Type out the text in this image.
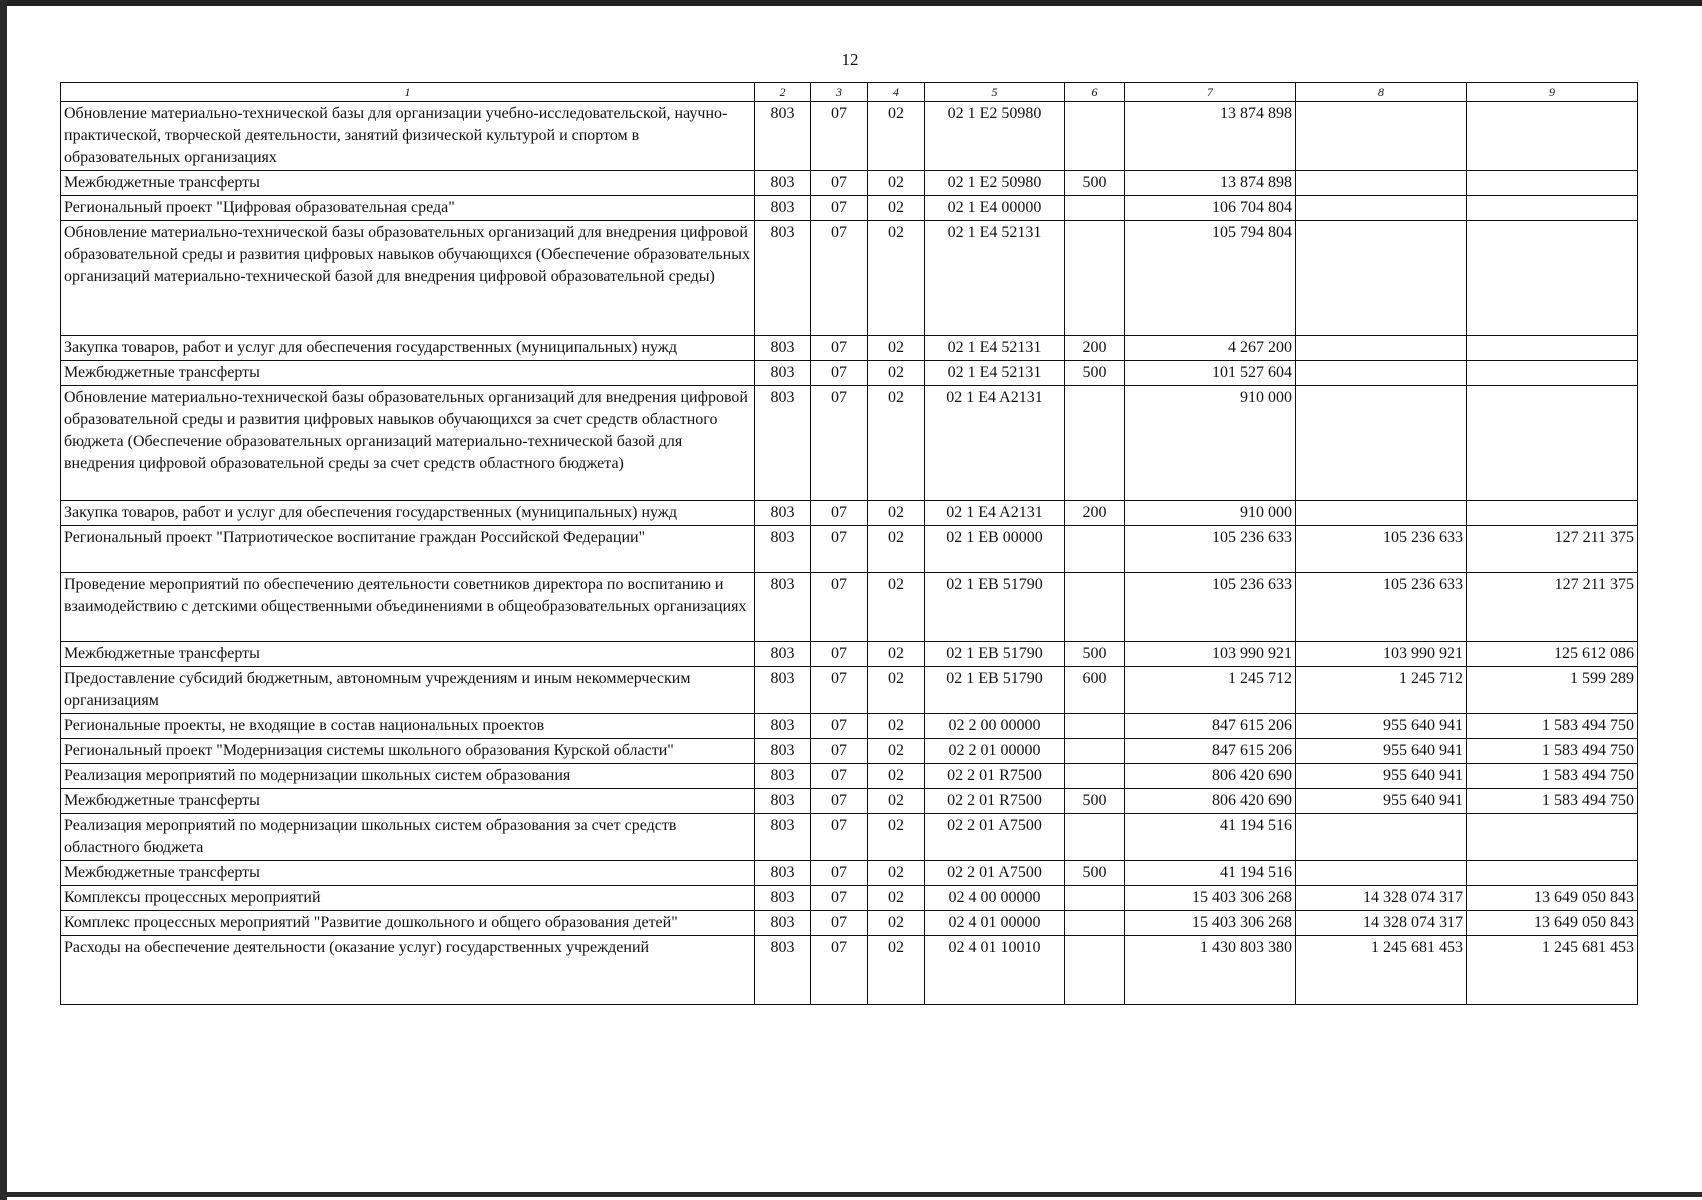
12
1	2	3	4	5	6	7	8	9
Обновление материально-технической базы для организации учебно-исследовательской, научно-практической, творческой деятельности, занятий физической культурой и спортом в образовательных организациях	803	07	02	02 1 E2 50980		13 874 898		
Межбюджетные трансферты	803	07	02	02 1 E2 50980	500	13 874 898		
Региональный проект "Цифровая образовательная среда"	803	07	02	02 1 E4 00000		106 704 804		
Обновление материально-технической базы образовательных организаций для внедрения цифровой образовательной среды и развития цифровых навыков обучающихся (Обеспечение образовательных организаций материально-технической базой для внедрения цифровой образовательной среды)	803	07	02	02 1 E4 52131		105 794 804		
Закупка товаров, работ и услуг для обеспечения государственных (муниципальных) нужд	803	07	02	02 1 E4 52131	200	4 267 200		
Межбюджетные трансферты	803	07	02	02 1 E4 52131	500	101 527 604		
Обновление материально-технической базы образовательных организаций для внедрения цифровой образовательной среды и развития цифровых навыков обучающихся за счет средств областного бюджета (Обеспечение образовательных организаций материально-технической базой для внедрения цифровой образовательной среды за счет средств областного бюджета)	803	07	02	02 1 E4 A2131		910 000		
Закупка товаров, работ и услуг для обеспечения государственных (муниципальных) нужд	803	07	02	02 1 E4 A2131	200	910 000		
Региональный проект "Патриотическое воспитание граждан Российской Федерации"	803	07	02	02 1 EB 00000		105 236 633	105 236 633	127 211 375
Проведение мероприятий по обеспечению деятельности советников директора по воспитанию и взаимодействию с детскими общественными объединениями в общеобразовательных организациях	803	07	02	02 1 EB 51790		105 236 633	105 236 633	127 211 375
Межбюджетные трансферты	803	07	02	02 1 EB 51790	500	103 990 921	103 990 921	125 612 086
Предоставление субсидий бюджетным, автономным учреждениям и иным некоммерческим организациям	803	07	02	02 1 EB 51790	600	1 245 712	1 245 712	1 599 289
Региональные проекты, не входящие в состав национальных проектов	803	07	02	02 2 00 00000		847 615 206	955 640 941	1 583 494 750
Региональный проект "Модернизация системы школьного образования Курской области"	803	07	02	02 2 01 00000		847 615 206	955 640 941	1 583 494 750
Реализация мероприятий по модернизации школьных систем образования	803	07	02	02 2 01 R7500		806 420 690	955 640 941	1 583 494 750
Межбюджетные трансферты	803	07	02	02 2 01 R7500	500	806 420 690	955 640 941	1 583 494 750
Реализация мероприятий по модернизации школьных систем образования за счет средств областного бюджета	803	07	02	02 2 01 A7500		41 194 516		
Межбюджетные трансферты	803	07	02	02 2 01 A7500	500	41 194 516		
Комплексы процессных мероприятий	803	07	02	02 4 00 00000		15 403 306 268	14 328 074 317	13 649 050 843
Комплекс процессных мероприятий "Развитие дошкольного и общего образования детей"	803	07	02	02 4 01 00000		15 403 306 268	14 328 074 317	13 649 050 843
Расходы на обеспечение деятельности (оказание услуг) государственных учреждений	803	07	02	02 4 01 10010		1 430 803 380	1 245 681 453	1 245 681 453
